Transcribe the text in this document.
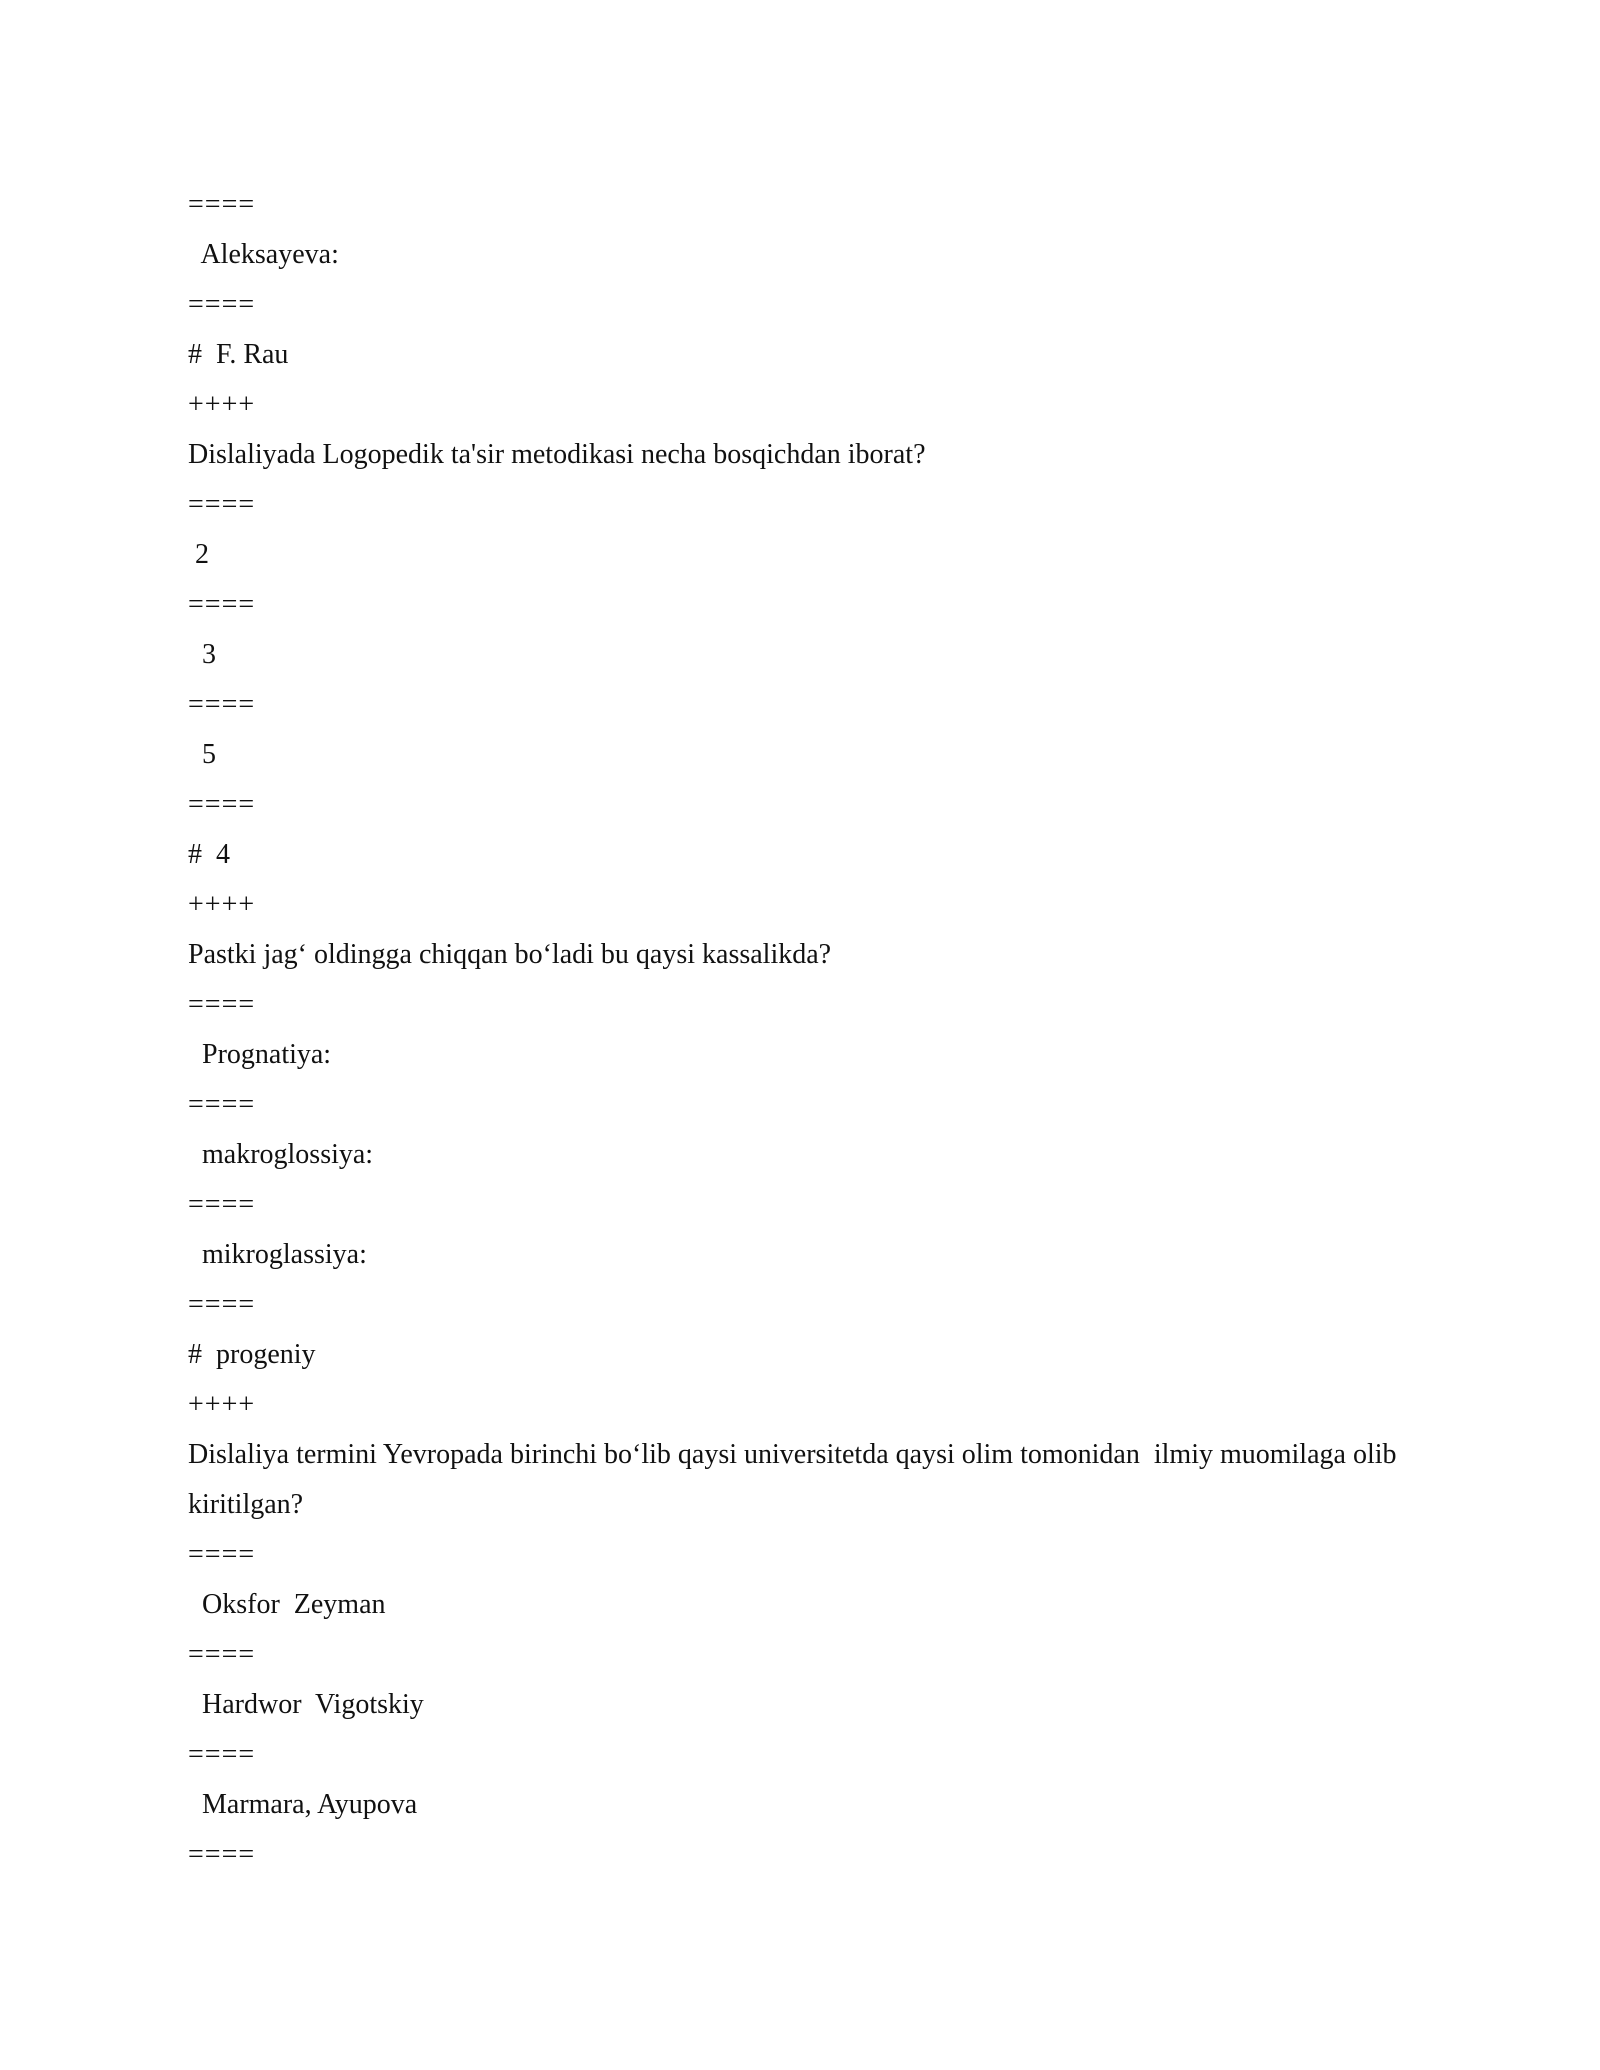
====
Aleksayeva:
====
#  F. Rau
++++
Dislaliyada Logopedik ta'sir metodikasi necha bosqichdan iborat?
====
2
====
3
====
5
====
#  4
++++
Pastki jag‘ oldingga chiqqan bo‘ladi bu qaysi kassalikda?
====
Prognatiya:
====
makroglossiya:
====
mikroglassiya:
====
#  progeniy
++++
Dislaliya termini Yevropada birinchi bo‘lib qaysi universitetda qaysi olim tomonidan  ilmiy muomilaga olib kiritilgan?
====
Oksfor  Zeyman
====
Hardwor  Vigotskiy
====
Marmara, Ayupova
====
